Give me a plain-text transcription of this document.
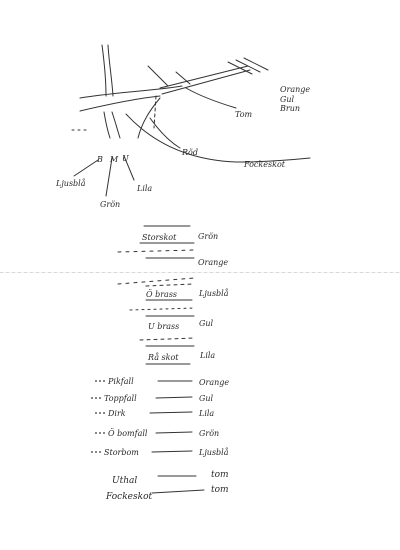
Orange
Gul
Brun
Tom
Röd
Fockeskot
B M U
Ljusblå
Grön
Lila
Storskot	Grön
Orange
Ö brass	Ljusblå
U brass Gul
Rå skot	Lila
Pikfall	Orange
Toppfall	Gul
Dirk	Lila
Ö bomfall	Grön
Storbom	Ljusblå
Uthal
tom
Fockeskot
tom
